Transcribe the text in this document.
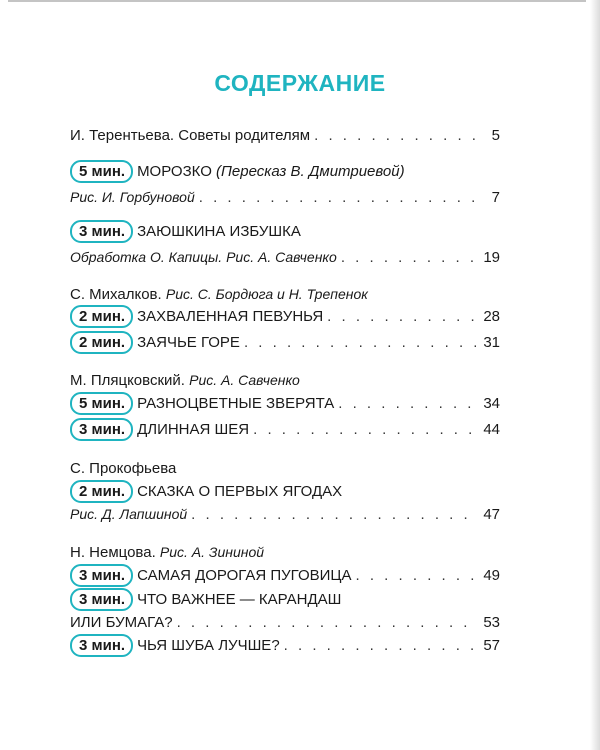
СОДЕРЖАНИЕ
И. Терентьева. Советы родителям . . .	5
5 мин. МОРОЗКО (Пересказ В. Дмитриевой)
Рис. И. Горбуновой . . .	7
3 мин. ЗАЮШКИНА ИЗБУШКА
Обработка О. Капицы. Рис. А. Савченко . . .	19
С. Михалков. Рис. С. Бордюга и Н. Трепенок
2 мин. ЗАХВАЛЕННАЯ ПЕВУНЬЯ . . .	28
2 мин. ЗАЯЧЬЕ ГОРЕ . . .	31
М. Пляцковский. Рис. А. Савченко
5 мин. РАЗНОЦВЕТНЫЕ ЗВЕРЯТА . . .	34
3 мин. ДЛИННАЯ ШЕЯ . . .	44
С. Прокофьева
2 мин. СКАЗКА О ПЕРВЫХ ЯГОДАХ
Рис. Д. Лапшиной . . .	47
Н. Немцова. Рис. А. Зининой
3 мин. САМАЯ ДОРОГАЯ ПУГОВИЦА . . .	49
3 мин. ЧТО ВАЖНЕЕ — КАРАНДАШ
ИЛИ БУМАГА? . . .	53
3 мин. ЧЬЯ ШУБА ЛУЧШЕ? . . .	57
